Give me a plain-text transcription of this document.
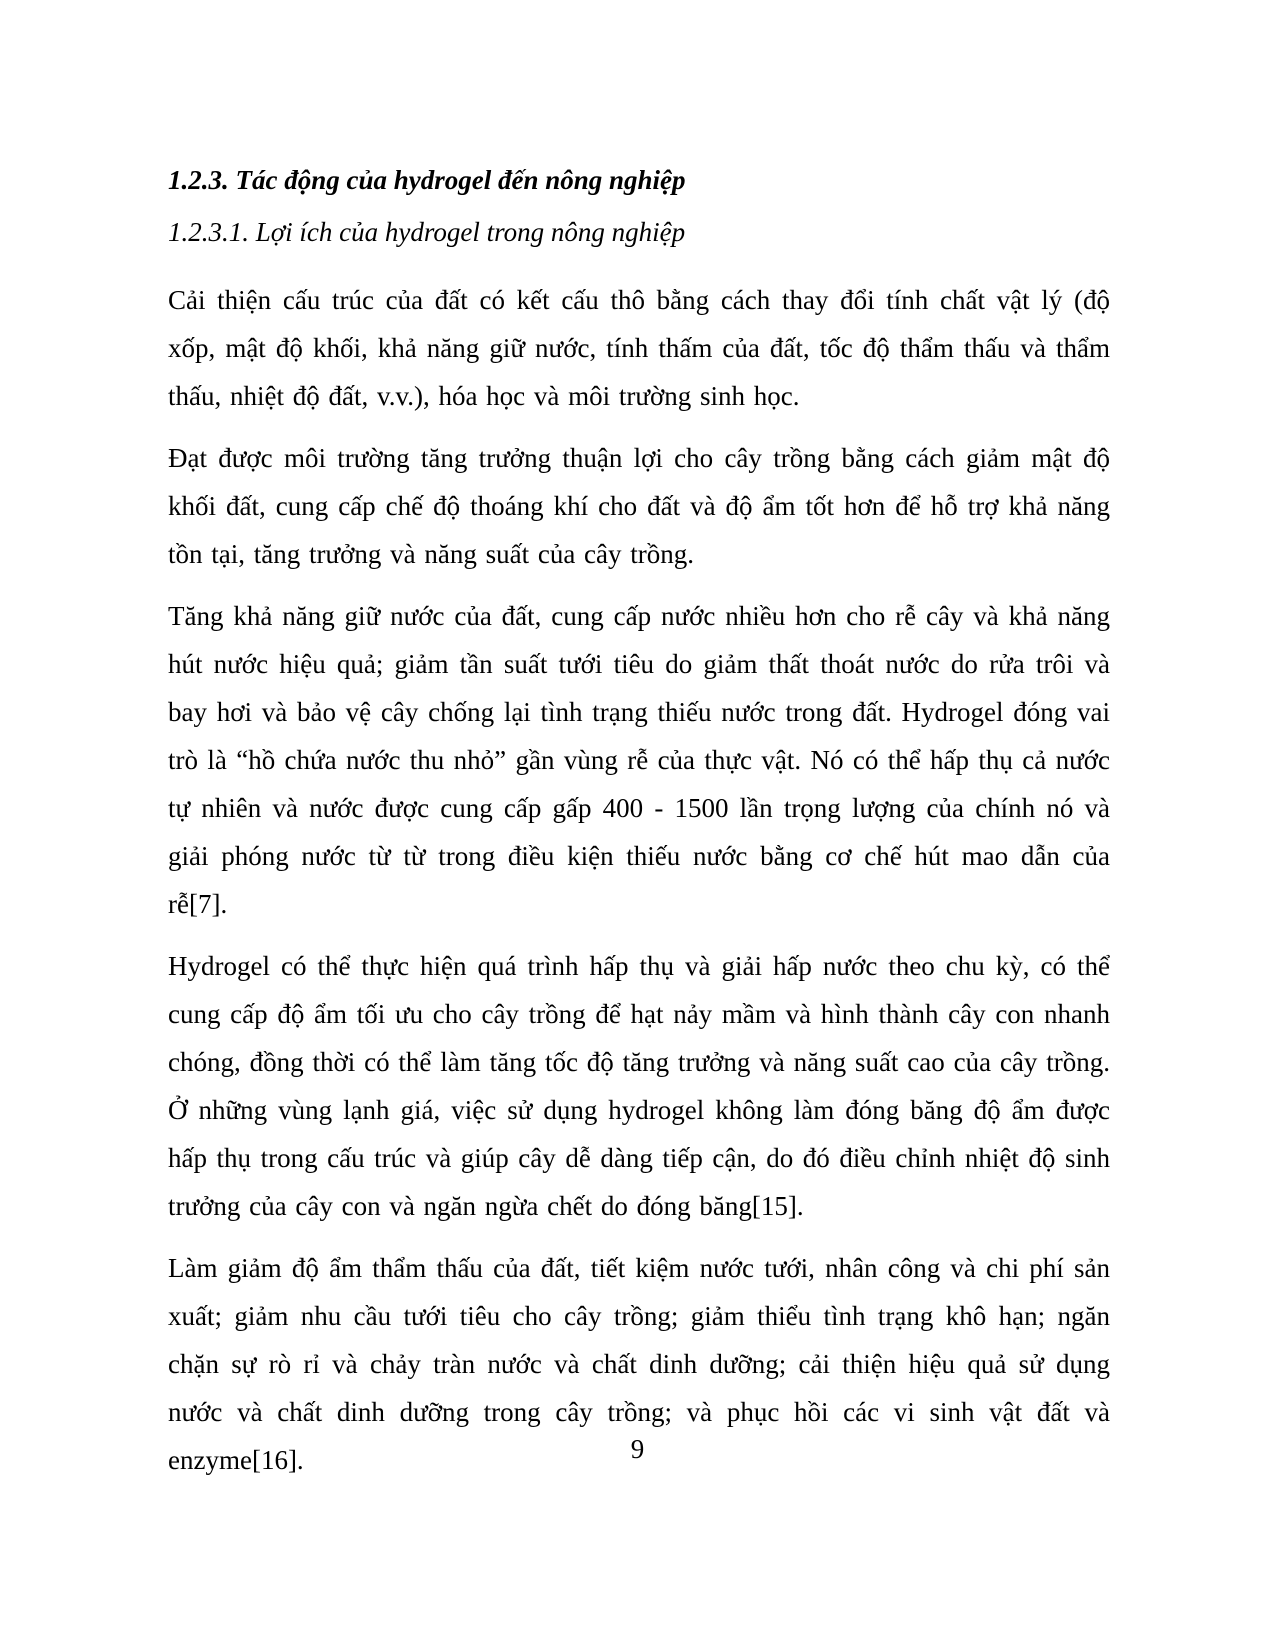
1.2.3. Tác động của hydrogel đến nông nghiệp
1.2.3.1. Lợi ích của hydrogel trong nông nghiệp

Cải thiện cấu trúc của đất có kết cấu thô bằng cách thay đổi tính chất vật lý (độ xốp, mật độ khối, khả năng giữ nước, tính thấm của đất, tốc độ thẩm thấu và thẩm thấu, nhiệt độ đất, v.v.), hóa học và môi trường sinh học.

Đạt được môi trường tăng trưởng thuận lợi cho cây trồng bằng cách giảm mật độ khối đất, cung cấp chế độ thoáng khí cho đất và độ ẩm tốt hơn để hỗ trợ khả năng tồn tại, tăng trưởng và năng suất của cây trồng.

Tăng khả năng giữ nước của đất, cung cấp nước nhiều hơn cho rễ cây và khả năng hút nước hiệu quả; giảm tần suất tưới tiêu do giảm thất thoát nước do rửa trôi và bay hơi và bảo vệ cây chống lại tình trạng thiếu nước trong đất. Hydrogel đóng vai trò là “hồ chứa nước thu nhỏ” gần vùng rễ của thực vật. Nó có thể hấp thụ cả nước tự nhiên và nước được cung cấp gấp 400 - 1500 lần trọng lượng của chính nó và giải phóng nước từ từ trong điều kiện thiếu nước bằng cơ chế hút mao dẫn của rễ[7].

Hydrogel có thể thực hiện quá trình hấp thụ và giải hấp nước theo chu kỳ, có thể cung cấp độ ẩm tối ưu cho cây trồng để hạt nảy mầm và hình thành cây con nhanh chóng, đồng thời có thể làm tăng tốc độ tăng trưởng và năng suất cao của cây trồng. Ở những vùng lạnh giá, việc sử dụng hydrogel không làm đóng băng độ ẩm được hấp thụ trong cấu trúc và giúp cây dễ dàng tiếp cận, do đó điều chỉnh nhiệt độ sinh trưởng của cây con và ngăn ngừa chết do đóng băng[15].

Làm giảm độ ẩm thẩm thấu của đất, tiết kiệm nước tưới, nhân công và chi phí sản xuất; giảm nhu cầu tưới tiêu cho cây trồng; giảm thiểu tình trạng khô hạn; ngăn chặn sự rò rỉ và chảy tràn nước và chất dinh dưỡng; cải thiện hiệu quả sử dụng nước và chất dinh dưỡng trong cây trồng; và phục hồi các vi sinh vật đất và enzyme[16].	9
